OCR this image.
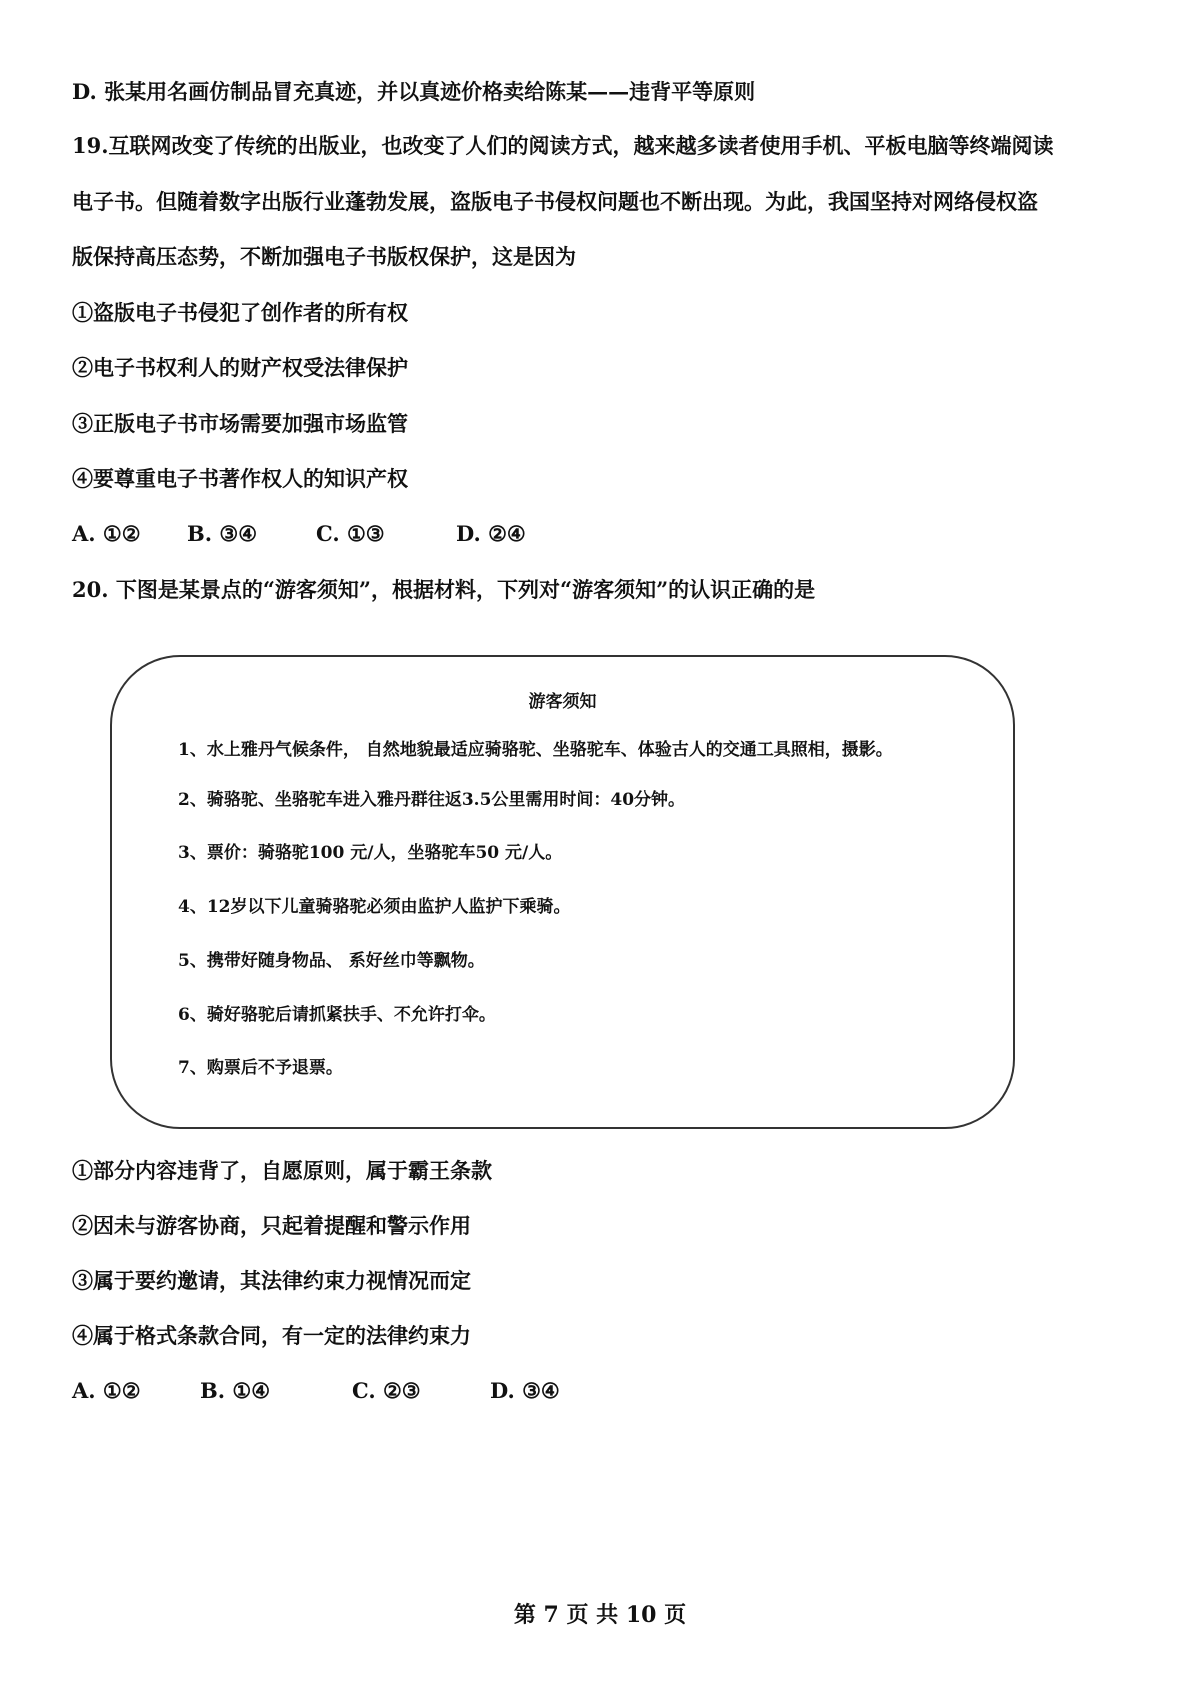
D. 张某用名画仿制品冒充真迹，并以真迹价格卖给陈某——违背平等原则
19.互联网改变了传统的出版业，也改变了人们的阅读方式，越来越多读者使用手机、平板电脑等终端阅读
电子书。但随着数字出版行业蓬勃发展，盗版电子书侵权问题也不断出现。为此，我国坚持对网络侵权盗
版保持高压态势，不断加强电子书版权保护，这是因为
①盗版电子书侵犯了创作者的所有权
②电子书权利人的财产权受法律保护
③正版电子书市场需要加强市场监管
④要尊重电子书著作权人的知识产权
A. ①② B. ③④	C. ①③	D. ②④
20. 下图是某景点的“游客须知”，根据材料，下列对“游客须知”的认识正确的是
游客须知
1、水上雅丹气候条件， 自然地貌最适应骑骆驼、坐骆驼车、体验古人的交通工具照相，摄影。
2、骑骆驼、坐骆驼车进入雅丹群往返3.5公里需用时间：40分钟。
3、票价：骑骆驼100 元/人，坐骆驼车50 元/人。
4、12岁以下儿童骑骆驼必须由监护人监护下乘骑。
5、携带好随身物品、 系好丝巾等飘物。
6、骑好骆驼后请抓紧扶手、不允许打伞。
7、购票后不予退票。
①部分内容违背了，自愿原则，属于霸王条款
②因未与游客协商，只起着提醒和警示作用
③属于要约邀请，其法律约束力视情况而定
④属于格式条款合同，有一定的法律约束力
A. ①②	B. ①④	C. ②③	D. ③④
第 7 页 共 10 页
